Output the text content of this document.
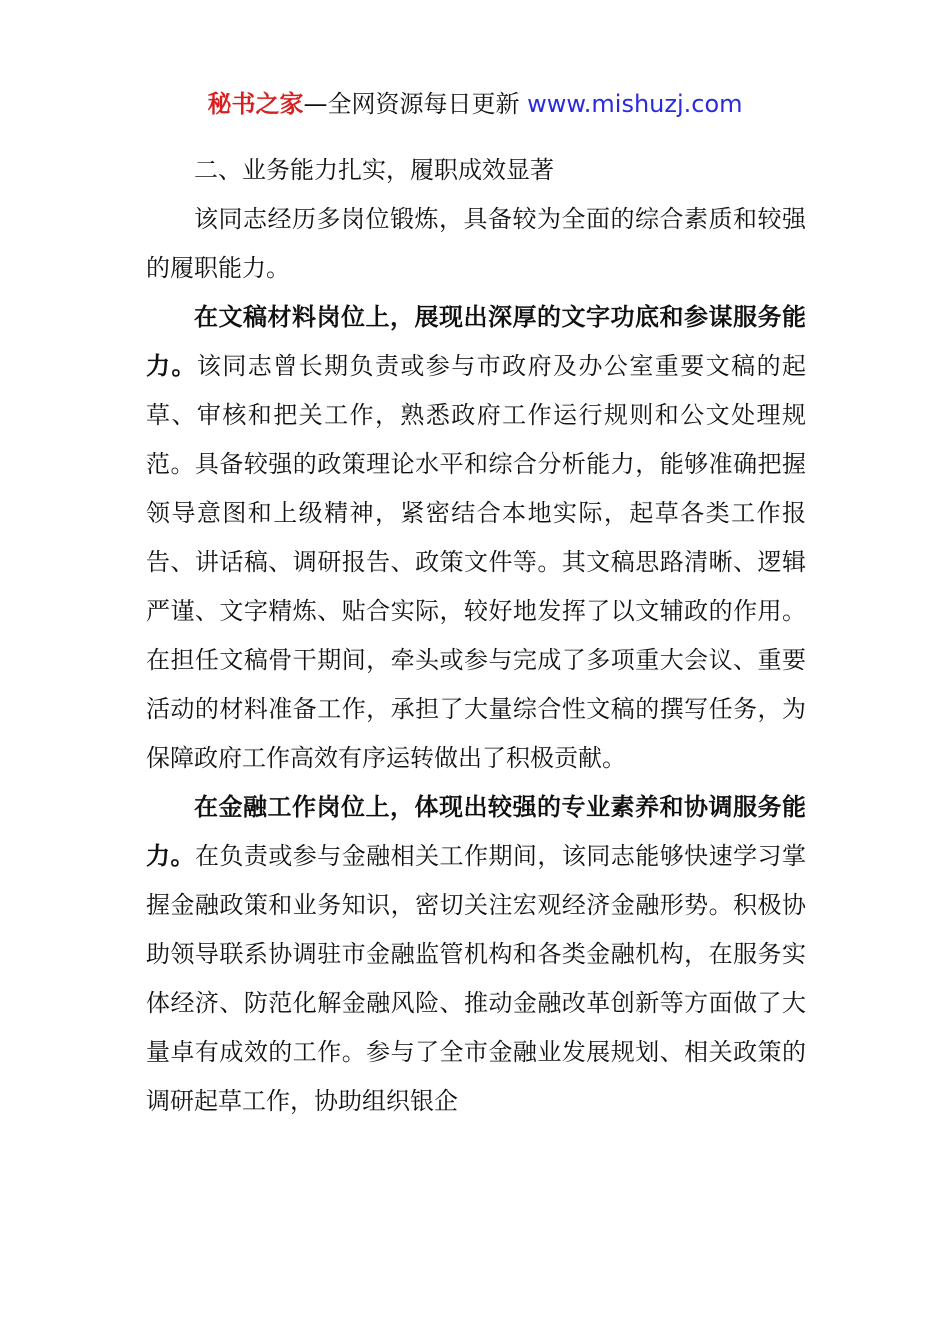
秘书之家—全网资源每日更新 www.mishuzj.com

二、业务能力扎实，履职成效显著

该同志经历多岗位锻炼，具备较为全面的综合素质和较强的履职能力。

在文稿材料岗位上，展现出深厚的文字功底和参谋服务能力。该同志曾长期负责或参与市政府及办公室重要文稿的起草、审核和把关工作，熟悉政府工作运行规则和公文处理规范。具备较强的政策理论水平和综合分析能力，能够准确把握领导意图和上级精神，紧密结合本地实际，起草各类工作报告、讲话稿、调研报告、政策文件等。其文稿思路清晰、逻辑严谨、文字精炼、贴合实际，较好地发挥了以文辅政的作用。在担任文稿骨干期间，牵头或参与完成了多项重大会议、重要活动的材料准备工作，承担了大量综合性文稿的撰写任务，为保障政府工作高效有序运转做出了积极贡献。

在金融工作岗位上，体现出较强的专业素养和协调服务能力。在负责或参与金融相关工作期间，该同志能够快速学习掌握金融政策和业务知识，密切关注宏观经济金融形势。积极协助领导联系协调驻市金融监管机构和各类金融机构，在服务实体经济、防范化解金融风险、推动金融改革创新等方面做了大量卓有成效的工作。参与了全市金融业发展规划、相关政策的调研起草工作，协助组织银企
